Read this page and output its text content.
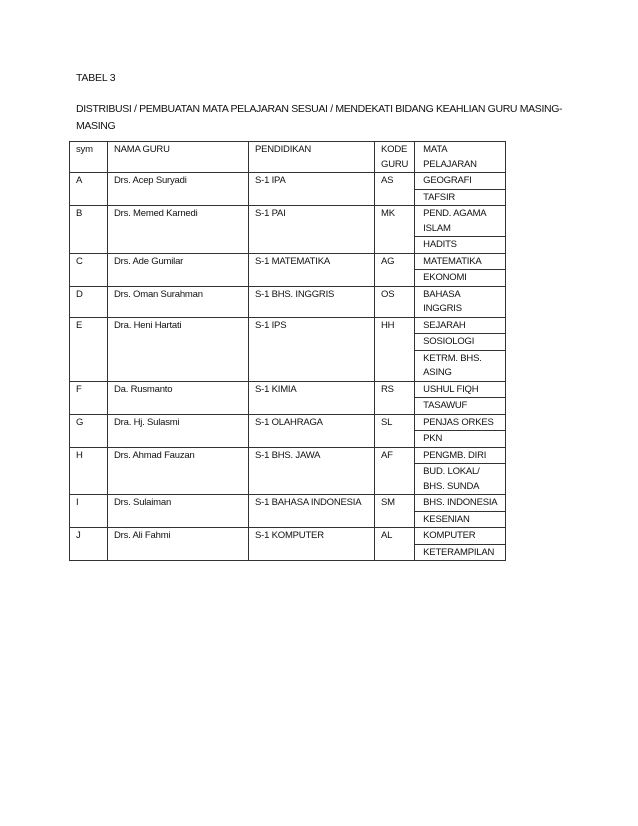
TABEL 3
DISTRIBUSI / PEMBUATAN MATA PELAJARAN SESUAI / MENDEKATI BIDANG KEAHLIAN GURU MASING-MASING
sym	NAMA GURU	PENDIDIKAN	KODE GURU	MATA PELAJARAN
A	Drs. Acep Suryadi	S-1 IPA	AS	GEOGRAFI
				TAFSIR
B	Drs. Memed Karnedi	S-1 PAI	MK	PEND. AGAMA ISLAM
				HADITS
C	Drs. Ade Gumilar	S-1 MATEMATIKA	AG	MATEMATIKA
				EKONOMI
D	Drs. Oman Surahman	S-1 BHS. INGGRIS	OS	BAHASA INGGRIS
E	Dra. Heni Hartati	S-1 IPS	HH	SEJARAH
				SOSIOLOGI
				KETRM. BHS. ASING
F	Da. Rusmanto	S-1 KIMIA	RS	USHUL FIQH
				TASAWUF
G	Dra. Hj. Sulasmi	S-1 OLAHRAGA	SL	PENJAS ORKES
				PKN
H	Drs. Ahmad Fauzan	S-1 BHS. JAWA	AF	PENGMB. DIRI
				BUD. LOKAL/ BHS. SUNDA
I	Drs. Sulaiman	S-1 BAHASA INDONESIA	SM	BHS. INDONESIA
				KESENIAN
J	Drs. Ali Fahmi	S-1 KOMPUTER	AL	KOMPUTER
				KETERAMPILAN
